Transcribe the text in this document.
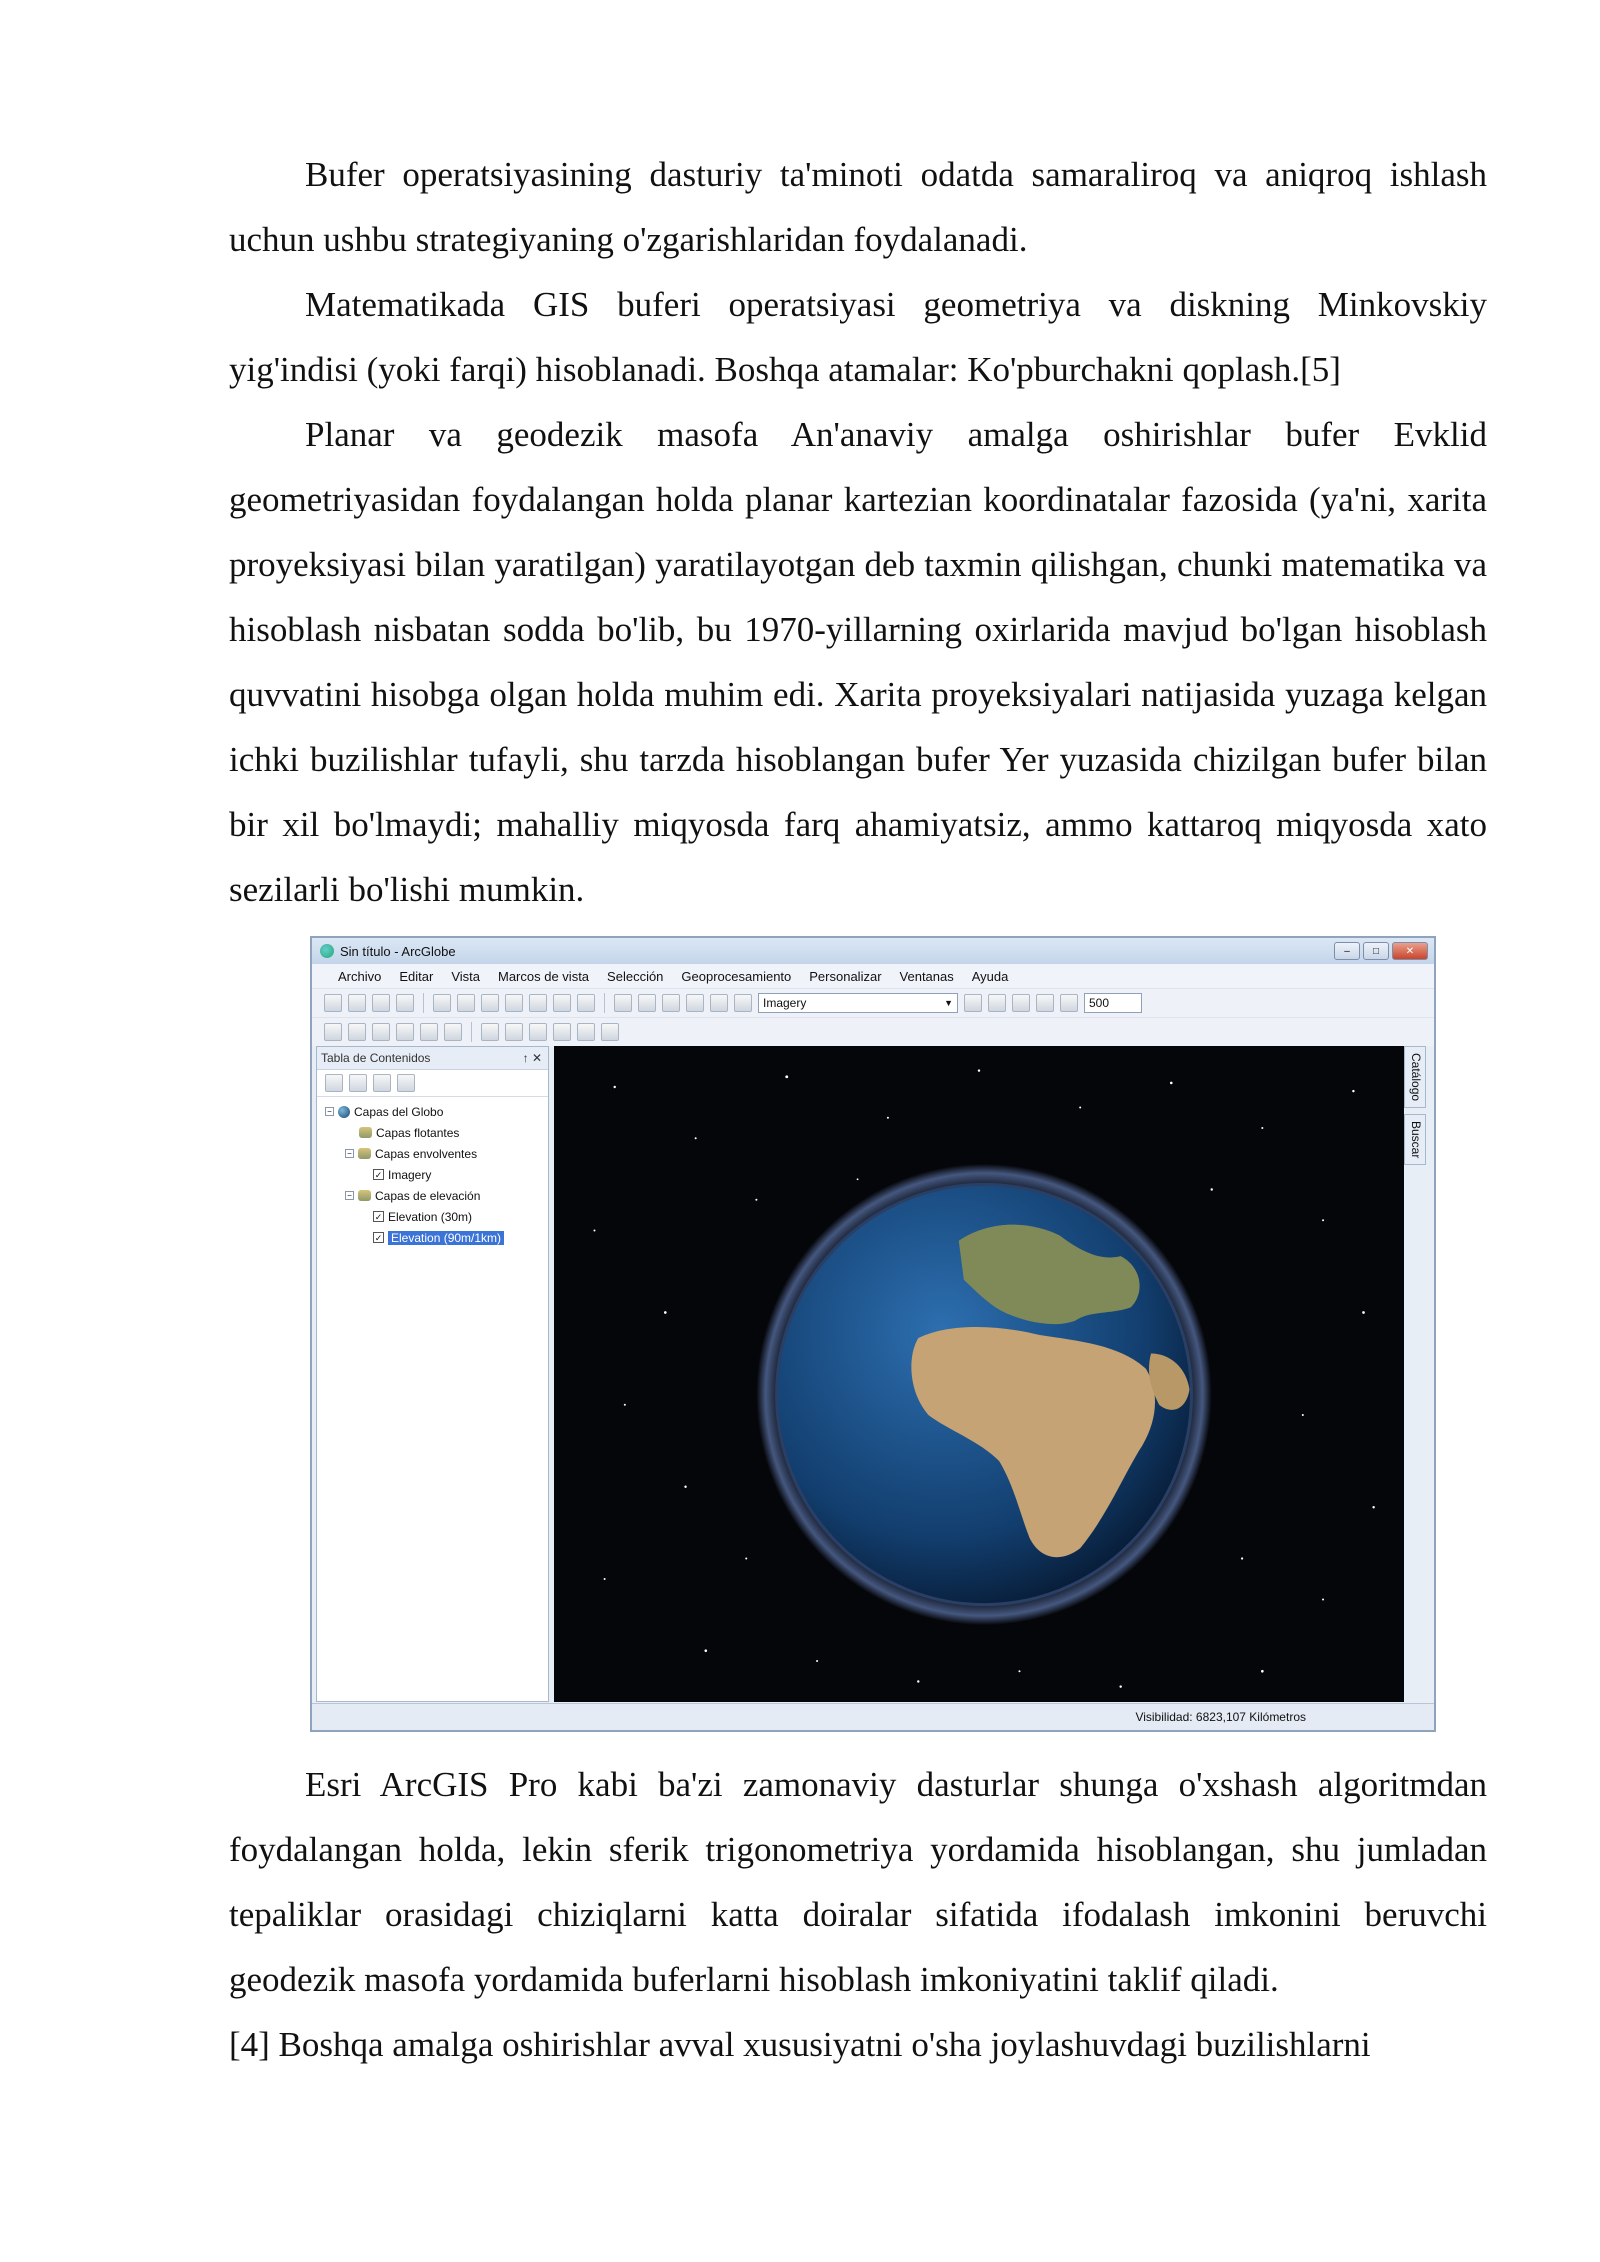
Bufer operatsiyasining dasturiy ta'minoti odatda samaraliroq va aniqroq ishlash uchun ushbu strategiyaning o'zgarishlaridan foydalanadi.

Matematikada GIS buferi operatsiyasi geometriya va diskning Minkovskiy yig'indisi (yoki farqi) hisoblanadi. Boshqa atamalar: Ko'pburchakni qoplash.[5]

Planar va geodezik masofa An'anaviy amalga oshirishlar bufer Evklid geometriyasidan foydalangan holda planar kartezian koordinatalar fazosida (ya'ni, xarita proyeksiyasi bilan yaratilgan) yaratilayotgan deb taxmin qilishgan, chunki matematika va hisoblash nisbatan sodda bo'lib, bu 1970-yillarning oxirlarida mavjud bo'lgan hisoblash quvvatini hisobga olgan holda muhim edi. Xarita proyeksiyalari natijasida yuzaga kelgan ichki buzilishlar tufayli, shu tarzda hisoblangan bufer Yer yuzasida chizilgan bufer bilan bir xil bo'lmaydi; mahalliy miqyosda farq ahamiyatsiz, ammo kattaroq miqyosda xato sezilarli bo'lishi mumkin.

Sin título - ArcGlobe	–	□	✕
Archivo Editar Vista Marcos de vista Selección Geoprocesamiento Personalizar Ventanas Ayuda
Imagery	▼	500
Tabla de Contenidos	↑ ✕
− Capas del Globo
Capas flotantes
− Capas envolventes
✓ Imagery
− Capas de elevación
✓ Elevation (30m)
✓ Elevation (90m/1km)
Catálogo
Buscar
Visibilidad: 6823,107 Kilómetros

Esri ArcGIS Pro kabi ba'zi zamonaviy dasturlar shunga o'xshash algoritmdan foydalangan holda, lekin sferik trigonometriya yordamida hisoblangan, shu jumladan tepaliklar orasidagi chiziqlarni katta doiralar sifatida ifodalash imkonini beruvchi geodezik masofa yordamida buferlarni hisoblash imkoniyatini taklif qiladi.

[4] Boshqa amalga oshirishlar avval xususiyatni o'sha joylashuvdagi buzilishlarni
